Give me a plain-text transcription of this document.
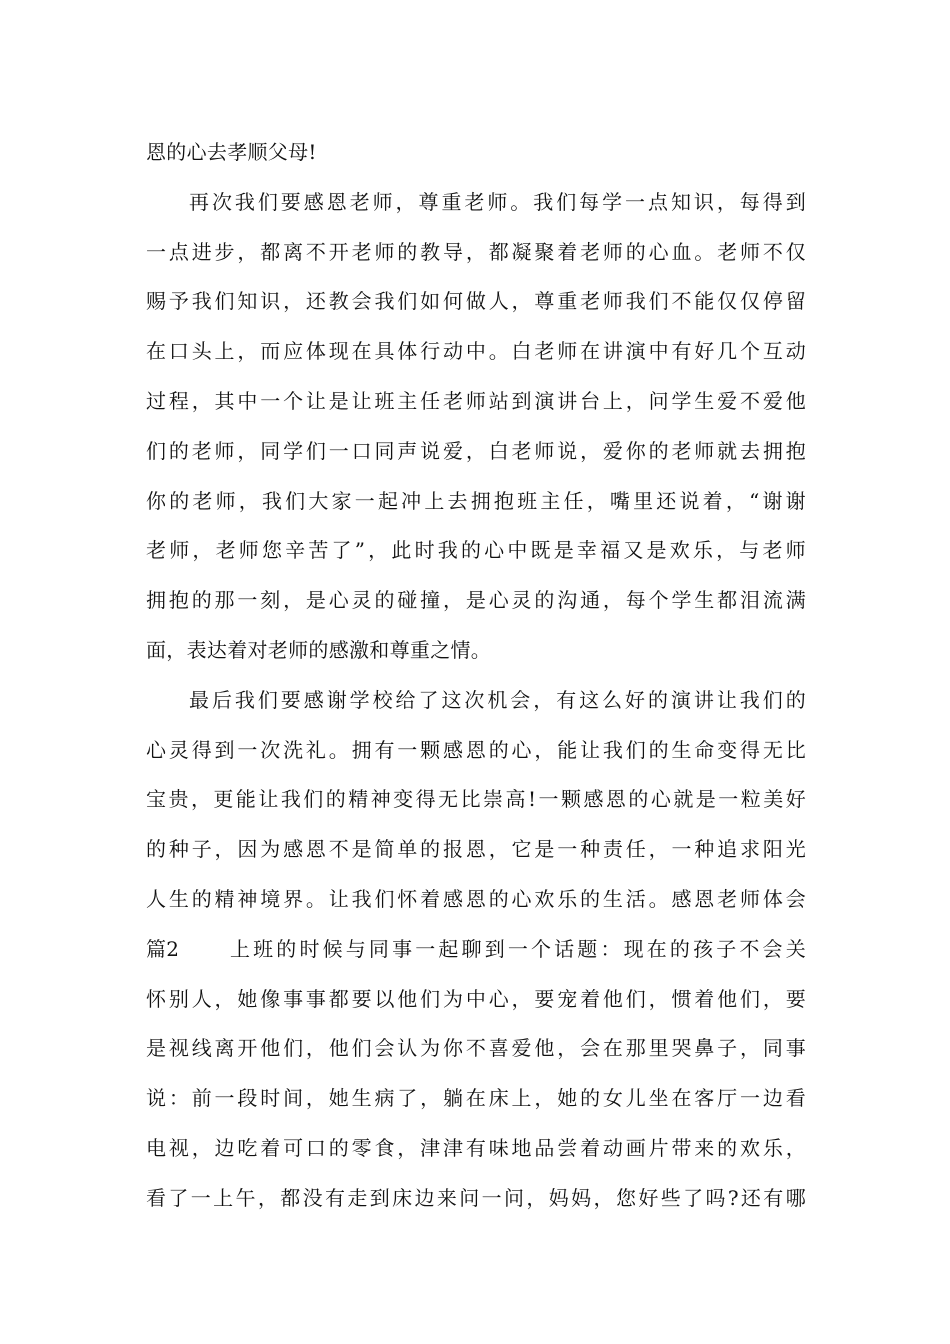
恩的心去孝顺父母!
再次我们要感恩老师，尊重老师。我们每学一点知识，每得到
一点进步，都离不开老师的教导，都凝聚着老师的心血。老师不仅
赐予我们知识，还教会我们如何做人，尊重老师我们不能仅仅停留
在口头上，而应体现在具体行动中。白老师在讲演中有好几个互动
过程，其中一个让是让班主任老师站到演讲台上，问学生爱不爱他
们的老师，同学们一口同声说爱，白老师说，爱你的老师就去拥抱
你的老师，我们大家一起冲上去拥抱班主任，嘴里还说着，“谢谢
老师，老师您辛苦了”，此时我的心中既是幸福又是欢乐，与老师
拥抱的那一刻，是心灵的碰撞，是心灵的沟通，每个学生都泪流满
面，表达着对老师的感激和尊重之情。
最后我们要感谢学校给了这次机会，有这么好的演讲让我们的
心灵得到一次洗礼。拥有一颗感恩的心，能让我们的生命变得无比
宝贵，更能让我们的精神变得无比崇高!一颗感恩的心就是一粒美好
的种子，因为感恩不是简单的报恩，它是一种责任，一种追求阳光
人生的精神境界。让我们怀着感恩的心欢乐的生活。感恩老师体会
篇2	上班的时候与同事一起聊到一个话题：现在的孩子不会关
怀别人，她像事事都要以他们为中心，要宠着他们，惯着他们，要
是视线离开他们，他们会认为你不喜爱他，会在那里哭鼻子，同事
说：前一段时间，她生病了，躺在床上，她的女儿坐在客厅一边看
电视，边吃着可口的零食，津津有味地品尝着动画片带来的欢乐，
看了一上午，都没有走到床边来问一问，妈妈，您好些了吗?还有哪
